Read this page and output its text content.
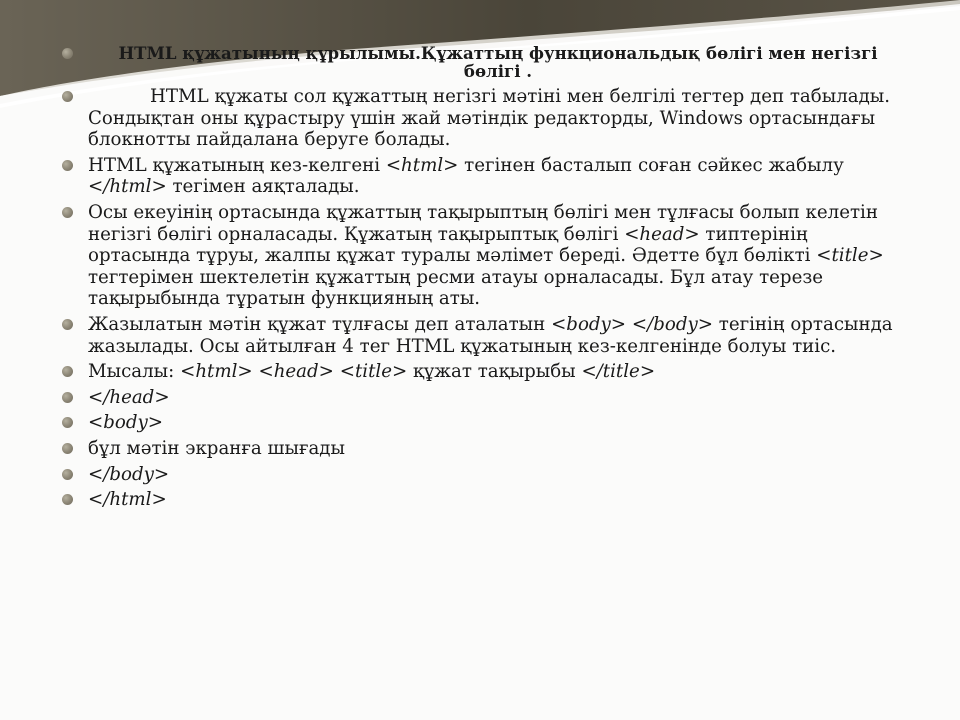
HTML құжатының құрылымы.Құжаттың функциональдық бөлігі мен негізгі бөлігі .
HTML құжаты сол құжаттың негізгі мәтіні мен белгілі тегтер деп табылады. Сондықтан оны құрастыру үшін жай мәтіндік редакторды, Windows ортасындағы блокнотты пайдалана беруге болады.
HTML құжатының кез-келгені <html> тегінен басталып соған сәйкес жабылу </html> тегімен аяқталады.
Осы екеуінің ортасында құжаттың тақырыптың бөлігі мен тұлғасы болып келетін негізгі бөлігі орналасады. Құжатың тақырыптық бөлігі <head> типтерінің ортасында тұруы, жалпы құжат туралы мәлімет береді. Әдетте бұл бөлікті <title> тегтерімен шектелетін құжаттың ресми атауы орналасады. Бұл атау терезе тақырыбында тұратын функцияның аты.
Жазылатын мәтін құжат тұлғасы деп аталатын <body> </body> тегінің ортасында жазылады. Осы айтылған 4 тег HTML құжатының кез-келгенінде болуы тиіс.
Мысалы: <html> <head> <title> құжат тақырыбы </title>
</head>
<body>
бұл мәтін экранға шығады
</body>
</html>
